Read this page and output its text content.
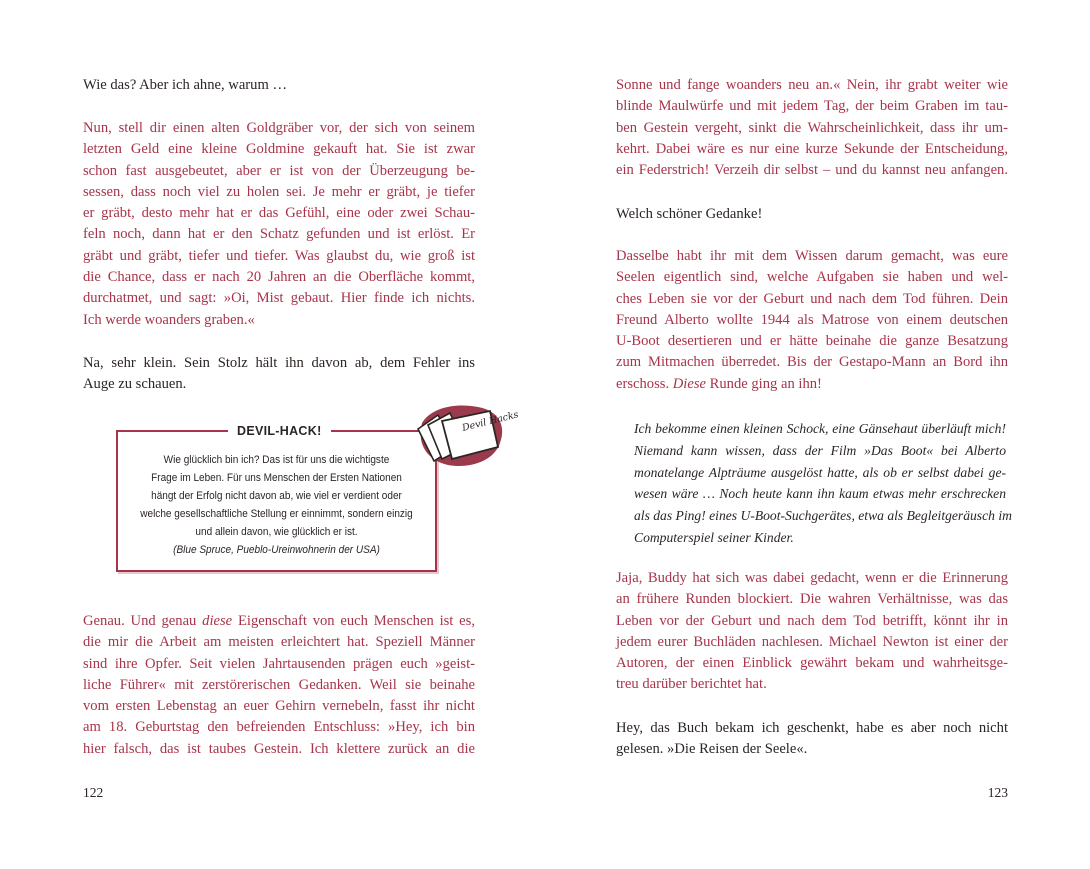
Wie das? Aber ich ahne, warum …

Nun, stell dir einen alten Goldgräber vor, der sich von seinem
letzten Geld eine kleine Goldmine gekauft hat. Sie ist zwar
schon fast ausgebeutet, aber er ist von der Überzeugung be-
sessen, dass noch viel zu holen sei. Je mehr er gräbt, je tiefer
er gräbt, desto mehr hat er das Gefühl, eine oder zwei Schau-
feln noch, dann hat er den Schatz gefunden und ist erlöst. Er
gräbt und gräbt, tiefer und tiefer. Was glaubst du, wie groß ist
die Chance, dass er nach 20 Jahren an die Oberfläche kommt,
durchatmet, und sagt: »Oi, Mist gebaut. Hier finde ich nichts.
Ich werde woanders graben.«

Na, sehr klein. Sein Stolz hält ihn davon ab, dem Fehler ins
Auge zu schauen.

Genau. Und genau diese Eigenschaft von euch Menschen ist es,
die mir die Arbeit am meisten erleichtert hat. Speziell Männer
sind ihre Opfer. Seit vielen Jahrtausenden prägen euch »geist-
liche Führer« mit zerstörerischen Gedanken. Weil sie beinahe
vom ersten Lebenstag an euer Gehirn vernebeln, fasst ihr nicht
am 18. Geburtstag den befreienden Entschluss: »Hey, ich bin
hier falsch, das ist taubes Gestein. Ich klettere zurück an die

122
DEVIL-HACK!
Wie glücklich bin ich? Das ist für uns die wichtigste
Frage im Leben. Für uns Menschen der Ersten Nationen
hängt der Erfolg nicht davon ab, wie viel er verdient oder
welche gesellschaftliche Stellung er einnimmt, sondern einzig
und allein davon, wie glücklich er ist.
(Blue Spruce, Pueblo-Ureinwohnerin der USA)
Devil Hacks

Sonne und fange woanders neu an.« Nein, ihr grabt weiter wie
blinde Maulwürfe und mit jedem Tag, der beim Graben im tau-
ben Gestein vergeht, sinkt die Wahrscheinlichkeit, dass ihr um-
kehrt. Dabei wäre es nur eine kurze Sekunde der Entscheidung,
ein Federstrich! Verzeih dir selbst – und du kannst neu anfangen.

Welch schöner Gedanke!

Dasselbe habt ihr mit dem Wissen darum gemacht, was eure
Seelen eigentlich sind, welche Aufgaben sie haben und wel-
ches Leben sie vor der Geburt und nach dem Tod führen. Dein
Freund Alberto wollte 1944 als Matrose von einem deutschen
U-Boot desertieren und er hätte beinahe die ganze Besatzung
zum Mitmachen überredet. Bis der Gestapo-Mann an Bord ihn
erschoss. Diese Runde ging an ihn!

Ich bekomme einen kleinen Schock, eine Gänsehaut überläuft mich!
Niemand kann wissen, dass der Film »Das Boot« bei Alberto
monatelange Alpträume ausgelöst hatte, als ob er selbst dabei ge-
wesen wäre … Noch heute kann ihn kaum etwas mehr erschrecken
als das Ping! eines U-Boot-Suchgerätes, etwa als Begleitgeräusch im
Computerspiel seiner Kinder.

Jaja, Buddy hat sich was dabei gedacht, wenn er die Erinnerung
an frühere Runden blockiert. Die wahren Verhältnisse, was das
Leben vor der Geburt und nach dem Tod betrifft, könnt ihr in
jedem eurer Buchläden nachlesen. Michael Newton ist einer der
Autoren, der einen Einblick gewährt bekam und wahrheitsge-
treu darüber berichtet hat.

Hey, das Buch bekam ich geschenkt, habe es aber noch nicht
gelesen. »Die Reisen der Seele«.

123
